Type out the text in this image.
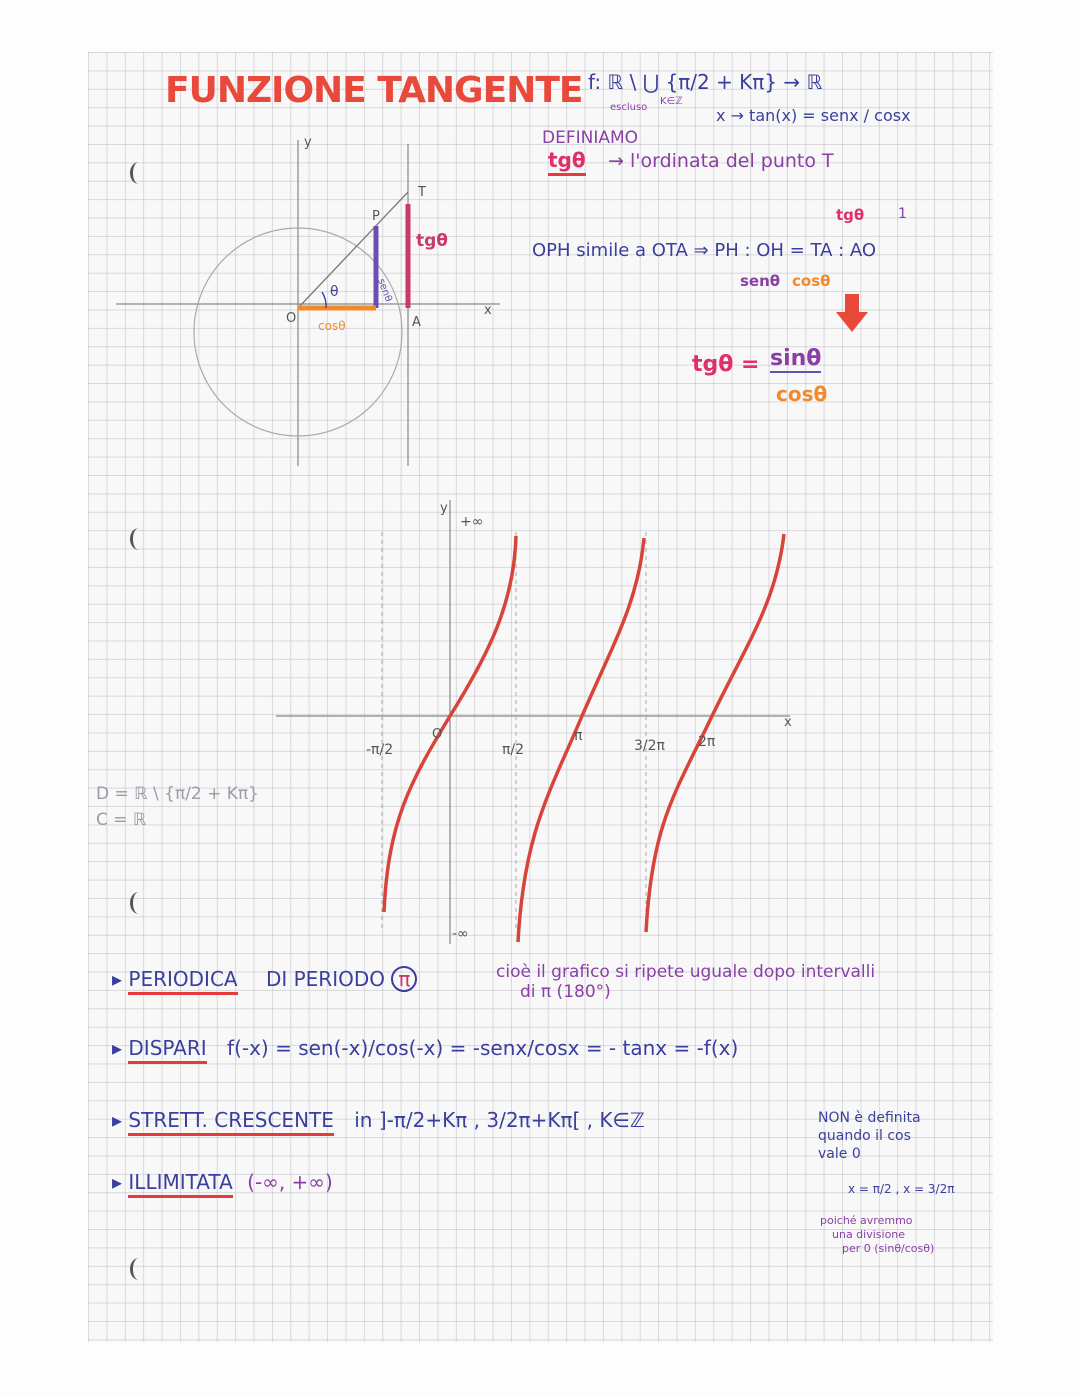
FUNZIONE TANGENTE f: ℝ \ ⋃ {π/2 + Kπ} → ℝ
escluso
K∈ℤ
x → tan(x) = senx / cosx
DEFINIAMO
tgθ → l'ordinata del punto T
OPH simile a OTA ⇒ PH : OH = TA : AO
senθ cosθ
tgθ 1
tgθ = sinθ
cosθ
y
x
O
P
T
A
θ	senθ
cosθ
tgθ
y
x
+∞
-∞
O
-π/2	π/2
π
3/2π 2π
D = ℝ \ {π/2 + Kπ}
C = ℝ
▸ PERIODICA DI PERIODO π	cioè il grafico si ripete uguale dopo intervalli
di π (180°)
▸ DISPARI f(-x) = sen(-x)/cos(-x) = -senx/cosx = - tanx = -f(x)
▸ STRETT. CRESCENTE in ]-π/2+Kπ , 3/2π+Kπ[ , K∈ℤ
▸ ILLIMITATA (-∞, +∞)
NON è definita
quando il cos
vale 0
x = π/2 , x = 3/2π
poiché avremmo
una divisione
per 0 (sinθ/cosθ)
